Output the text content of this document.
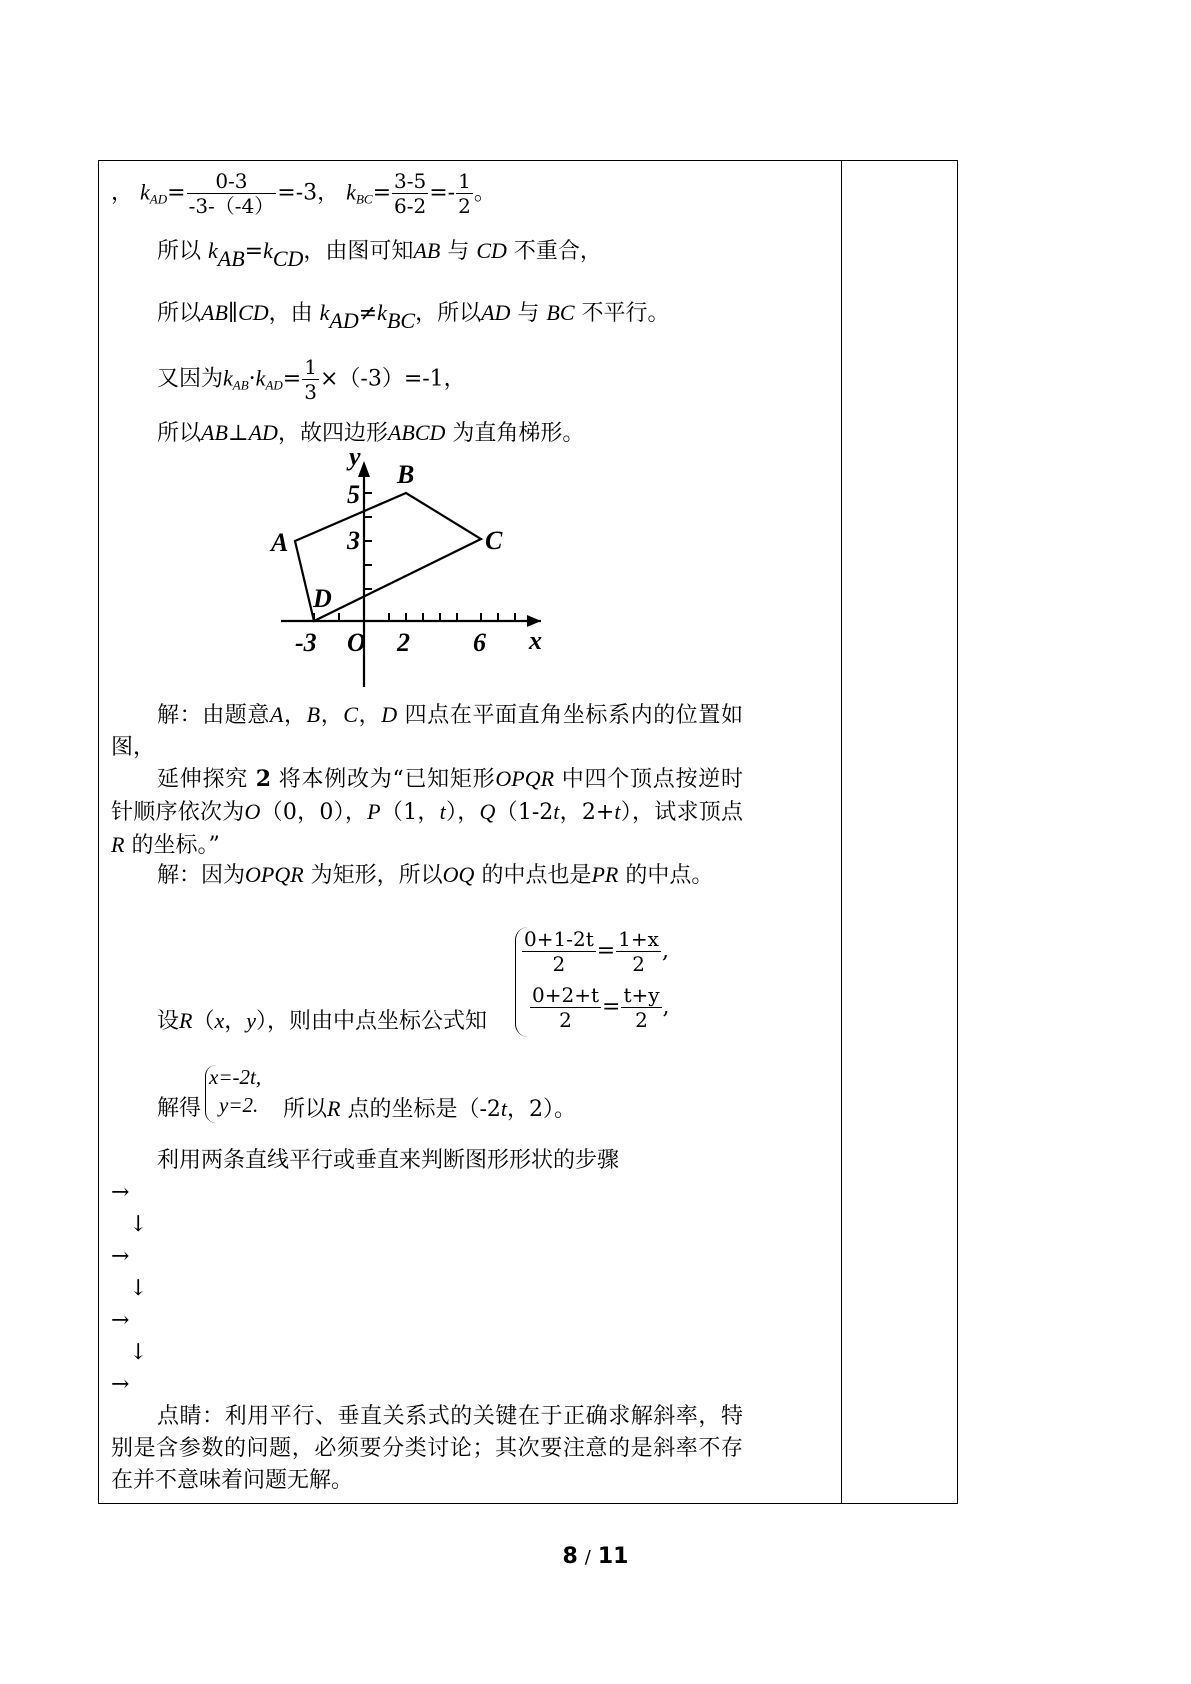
， $k_{AD}= \frac{0-3}{-3-(-4)} =-3$， $k_{BC}= \frac{3-5}{6-2} =- \frac{1}{2}$ 。
所以 kAB=kCD，由图可知AB 与 CD 不重合，
所以AB∥CD，由 kAD≠kBC，所以AD 与 BC 不平行。
又因为$k_{AB}\cdot k_{AD}= \frac{1}{3} \times(-3)=-1$，
所以AB⊥AD，故四边形ABCD 为直角梯形。
y
x
O
-3	2 6
5
3
A
B
C
D
解：由题意A，B，C，D 四点在平面直角坐标系内的位置如图，
延伸探究 2 将本例改为“已知矩形OPQR 中四个顶点按逆时针顺序依次为O（0，0），P（1，t），Q（1-2t，2+t），试求顶点R 的坐标。”
解：因为OPQR 为矩形，所以OQ 的中点也是PR 的中点。
设R（x，y），则由中点坐标公式知
$\frac{0+1-2t}{2} = \frac{1+x}{2}$ ,
$\frac{0+2+t}{2} = \frac{t+y}{2}$ ,
解得
x=-2t,
y=2. 所以R 点的坐标是（-2t，2）。
利用两条直线平行或垂直来判断图形形状的步骤
→
↓
→
↓
→
↓
→
点睛：利用平行、垂直关系式的关键在于正确求解斜率，特别是含参数的问题，必须要分类讨论；其次要注意的是斜率不存在并不意味着问题无解。
8 / 11
